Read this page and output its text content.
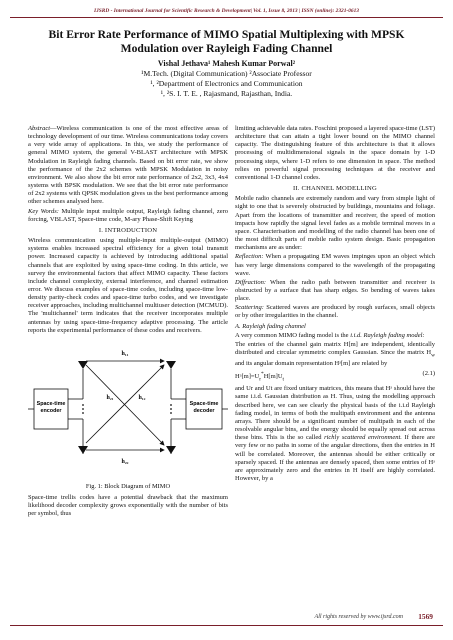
IJSRD - International Journal for Scientific Research & Development| Vol. 1, Issue 8, 2013 | ISSN (online): 2321-0613
Bit Error Rate Performance of MIMO Spatial Multiplexing with MPSK
Modulation over Rayleigh Fading Channel
Vishal Jethava¹ Mahesh Kumar Porwal²
¹M.Tech. (Digital Communication) ²Associate Professor
¹, ²Department of Electronics and Communication
¹, ²S. I. T. E. , Rajasmand, Rajasthan, India.

Abstract—Wireless communication is one of the most effective areas of technology development of our time. Wireless communications today covers a very wide array of applications. In this, we study the performance of general MIMO system, the general V-BLAST architecture with MPSK Modulation in Rayleigh fading channels. Based on bit error rate, we show the performance of the 2x2 schemes with MPSK Modulation in noisy environment. We also show the bit error rate performance of 2x2, 3x3, 4x4 systems with BPSK modulation. We see that the bit error rate performance of 2x2 systems with QPSK modulation gives us the best performance among other schemes analysed here.

Key Words: Multiple input multiple output, Rayleigh fading channel, zero forcing, VBLAST, Space-time code, M-ary Phase-Shift Keying

I. INTRODUCTION

Wireless communication using multiple-input multiple-output (MIMO) systems enables increased spectral efficiency for a given total transmit power. Increased capacity is achieved by introducing additional spatial channels that are exploited by using space-time coding. In this article, we survey the environmental factors that affect MIMO capacity. These factors include channel complexity, external interference, and channel estimation error. We discuss examples of space-time codes, including space-time low-density parity-check codes and space-time turbo codes, and we investigate receiver approaches, including multichannel multiuser detection (MCMUD). The 'multichannel' term indicates that the receiver incorporates multiple antennas by using space-time-frequency adaptive processing. The article reports the experimental performance of these codes and receivers.

Space-time
encoder
Space-time
decoder
h₁₁
h₂₁	h₁₂
h₂₂
Fig. 1: Block Diagram of MIMO

Space-time trellis codes have a potential drawback that the maximum likelihood decoder complexity grows exponentially with the number of bits per symbol, thus

limiting achievable data rates. Foschini proposed a layered space-time (LST) architecture that can attain a tight lower bound on the MIMO channel capacity. The distinguishing feature of this architecture is that it allows processing of multidimensional signals in the space domain by 1-D processing steps, where 1-D refers to one dimension in space. The method relies on powerful signal processing techniques at the receiver and conventional 1-D channel codes.

II. CHANNEL MODELLING

Mobile radio channels are extremely random and vary from simple light of sight to one that is severely obstructed by buildings, mountains and foliage. Apart from the locations of transmitter and receiver, the speed of motion impacts how rapidly the signal level fades as a mobile terminal moves in a space. Characterisation and modelling of the radio channel has been one of the most difficult parts of mobile radio system design. Basic propagation mechanisms are as under:

Reflection: When a propagating EM waves impinges upon an object which has very large dimensions compared to the wavelength of the propagating wave.

Diffraction: When the radio path between transmitter and receiver is obstructed by a surface that has sharp edges. So bending of waves takes place.

Scattering: Scattered waves are produced by rough surfaces, small objects or by other irregularities in the channel.

A. Rayleigh fading channel

A very common MIMO fading model is the i.i.d. Rayleigh fading model:

The entries of the channel gain matrix H[m] are independent, identically distributed and circular symmetric complex Gaussian. Since the matrix $H_w$ and its angular domain representation Hᵃ[m] are related by

$Hᵃ[m]=U_r^*H[m]U_t$
(2.1)

and Ur and Ut are fixed unitary matrices, this means that Hᵃ should have the same i.i.d. Gaussian distribution as H. Thus, using the modelling approach described here, we can see clearly the physical basis of the i.i.d Rayleigh fading model, in terms of both the multipath environment and the antenna arrays. There should be a significant number of multipath in each of the resolvable angular bins, and the energy should be equally spread out across these bins. This is the so called richly scattered environment. If there are very few or no paths in some of the angular directions, then the entries in H will be correlated. Moreover, the antennas should be either critically or sparsely spaced. If the antennas are densely spaced, then some entries of Hᵃ are approximately zero and the entries in H itself are highly correlated. However, by a

All rights reserved by www.ijsrd.com 1569
